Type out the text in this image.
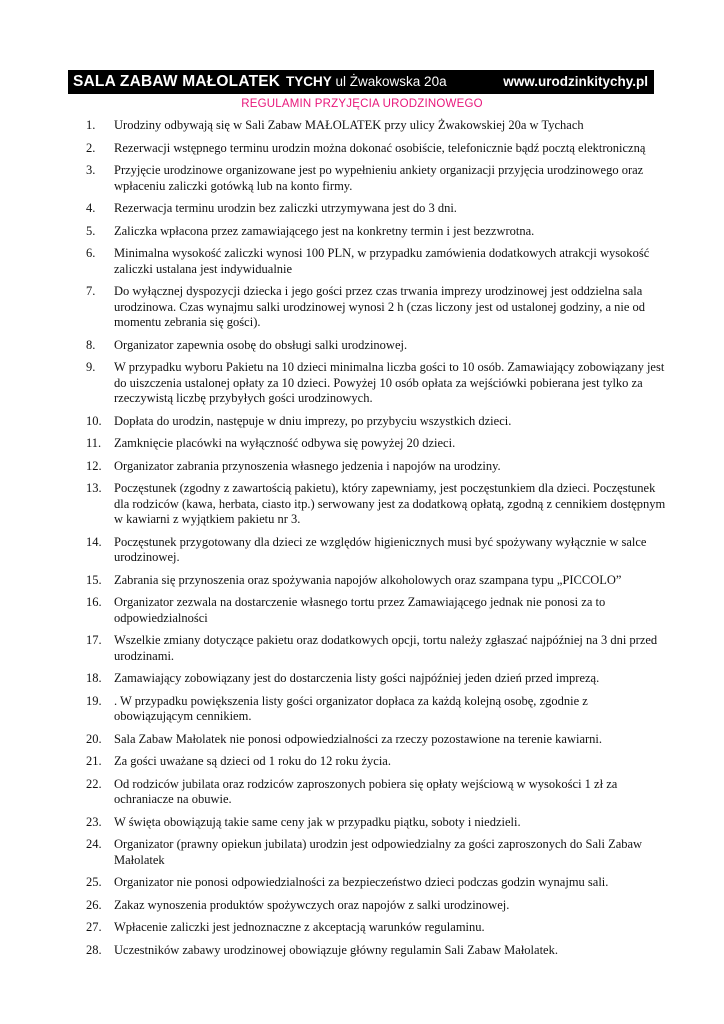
SALA ZABAW MAŁOLATEK TYCHY ul Żwakowska 20a	www.urodzinkitychy.pl
REGULAMIN PRZYJĘCIA URODZINOWEGO
1.	Urodziny odbywają się w Sali Zabaw MAŁOLATEK przy ulicy Żwakowskiej 20a w Tychach
2.	Rezerwacji wstępnego terminu urodzin można dokonać osobiście, telefonicznie bądź pocztą elektroniczną
3.	Przyjęcie urodzinowe organizowane jest po wypełnieniu ankiety organizacji przyjęcia urodzinowego oraz wpłaceniu zaliczki gotówką lub na konto firmy.
4.	Rezerwacja terminu urodzin bez zaliczki utrzymywana jest do 3 dni.
5.	Zaliczka wpłacona przez zamawiającego jest na konkretny termin i jest bezzwrotna.
6.	Minimalna wysokość zaliczki wynosi 100 PLN, w przypadku zamówienia dodatkowych atrakcji wysokość zaliczki ustalana jest indywidualnie
7.	Do wyłącznej dyspozycji dziecka i jego gości przez czas trwania imprezy urodzinowej jest oddzielna sala urodzinowa. Czas wynajmu salki urodzinowej wynosi 2 h (czas liczony jest od ustalonej godziny, a nie od momentu zebrania się gości).
8.	Organizator zapewnia osobę do obsługi salki urodzinowej.
9.	W przypadku wyboru Pakietu na 10 dzieci minimalna liczba gości to 10 osób. Zamawiający zobowiązany jest do uiszczenia ustalonej opłaty za 10 dzieci. Powyżej 10 osób opłata za wejściówki pobierana jest tylko za rzeczywistą liczbę przybyłych gości urodzinowych.
10. Dopłata do urodzin, następuje w dniu imprezy, po przybyciu wszystkich dzieci.
11.	Zamknięcie placówki na wyłączność odbywa się powyżej 20 dzieci.
12. Organizator zabrania przynoszenia własnego jedzenia i napojów na urodziny.
13. Poczęstunek (zgodny z zawartością pakietu), który zapewniamy, jest poczęstunkiem dla dzieci. Poczęstunek dla rodziców (kawa, herbata, ciasto itp.) serwowany jest za dodatkową opłatą, zgodną z cennikiem dostępnym w kawiarni z wyjątkiem pakietu nr 3.
14. Poczęstunek przygotowany dla dzieci ze względów higienicznych musi być spożywany wyłącznie w salce urodzinowej.
15. Zabrania się przynoszenia oraz spożywania napojów alkoholowych oraz szampana typu „PICCOLO”
16. Organizator zezwala na dostarczenie własnego tortu przez Zamawiającego jednak nie ponosi za to odpowiedzialności
17. Wszelkie zmiany dotyczące pakietu oraz dodatkowych opcji, tortu należy zgłaszać najpóźniej na 3 dni przed urodzinami.
18. Zamawiający zobowiązany jest do dostarczenia listy gości najpóźniej jeden dzień przed imprezą.
19. . W przypadku powiększenia listy gości organizator dopłaca za każdą kolejną osobę, zgodnie z obowiązującym cennikiem.
20. Sala Zabaw Małolatek nie ponosi odpowiedzialności za rzeczy pozostawione na terenie kawiarni.
21. Za gości uważane są dzieci od 1 roku do 12 roku życia.
22. Od rodziców jubilata oraz rodziców zaproszonych pobiera się opłaty wejściową w wysokości 1 zł za ochraniacze na obuwie.
23. W święta obowiązują takie same ceny jak w przypadku piątku, soboty i niedzieli.
24. Organizator (prawny opiekun jubilata) urodzin jest odpowiedzialny za gości zaproszonych do Sali Zabaw Małolatek
25. Organizator nie ponosi odpowiedzialności za bezpieczeństwo dzieci podczas godzin wynajmu sali.
26. Zakaz wynoszenia produktów spożywczych oraz napojów z salki urodzinowej.
27. Wpłacenie zaliczki jest jednoznaczne z akceptacją warunków regulaminu.
28. Uczestników zabawy urodzinowej obowiązuje główny regulamin Sali Zabaw Małolatek.
